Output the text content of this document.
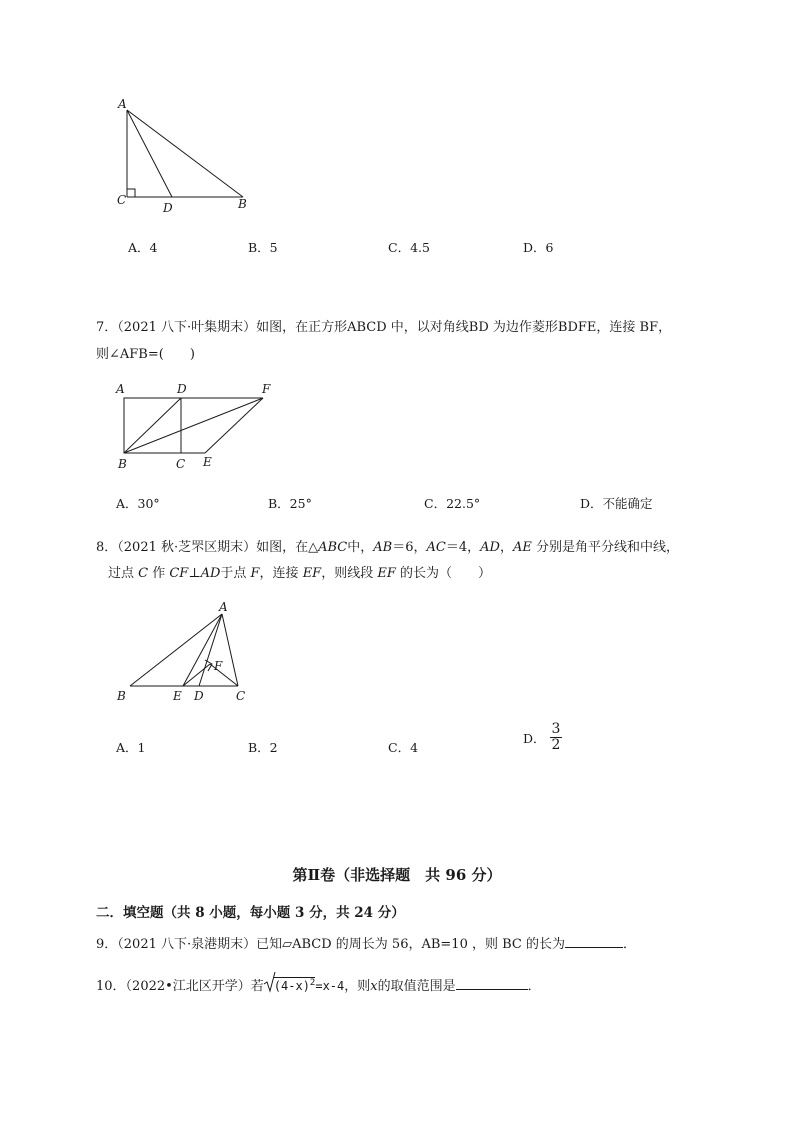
A
C
D	B
A	D	F
B	C E
A
F
B	E D	C
A．4	B．5	C．4.5	D．6
7．（2021 八下·叶集期末）如图，在正方形ABCD 中，以对角线BD 为边作菱形BDFE，连接 BF，
则∠AFB=(　　)
A．30°	B．25°	C．22.5°	D．不能确定
8．（2021 秋·芝罘区期末）如图，在△ABC中，AB＝6，AC＝4，AD，AE 分别是角平分线和中线，
过点 C 作 CF⊥AD于点 F，连接 EF，则线段 EF 的长为（　　）
A．1	B．2	C．4
D． $\frac{3}{2}$
第Ⅱ卷（非选择题　共 96 分）
二．填空题（共 8 小题，每小题 3 分，共 24 分）
9．（2021 八下·泉港期末）已知▱ABCD 的周长为 56，AB=10 ，则 BC 的长为	．
10．（2022•江北区开学）若 $(4-x)^2=x-4$，则x的取值范围是	．
